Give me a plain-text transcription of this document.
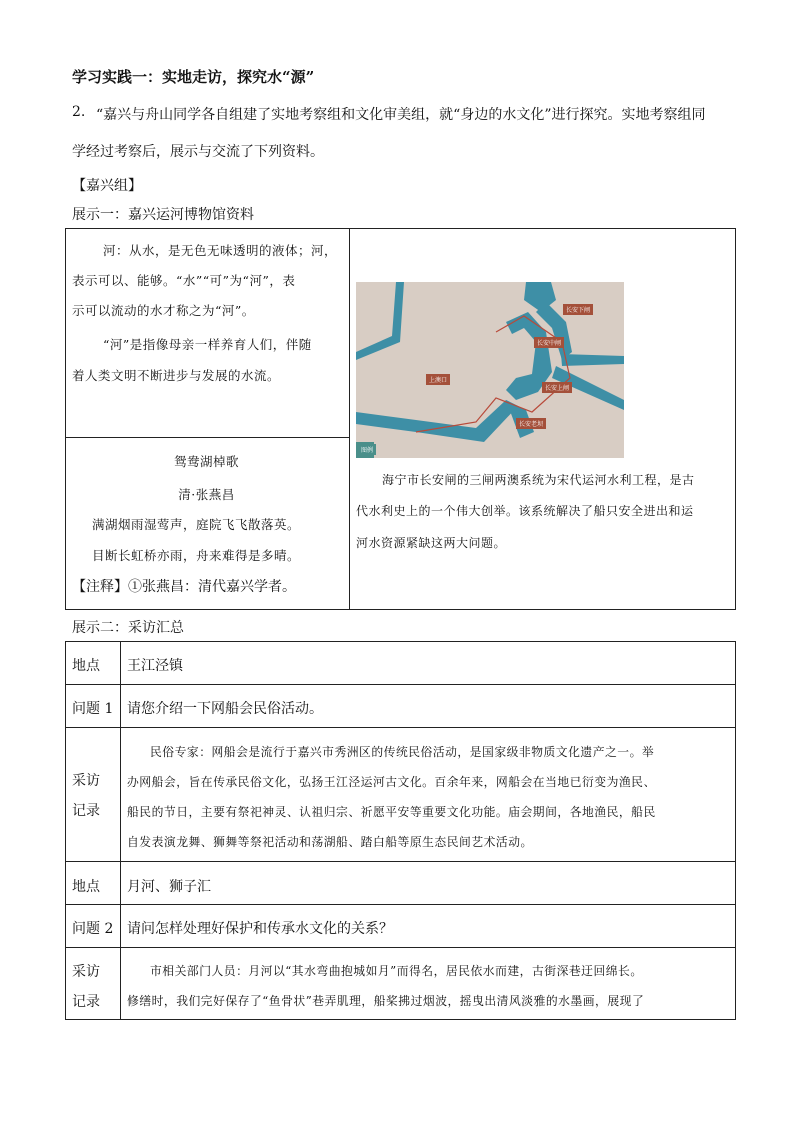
学习实践一：实地走访，探究水“源”
2. “嘉兴与舟山同学各自组建了实地考察组和文化审美组，就“身边的水文化”进行探究。实地考察组同
学经过考察后，展示与交流了下列资料。
【嘉兴组】
展示一：嘉兴运河博物馆资料

河：从水，是无色无味透明的液体；河，
表示可以、能够。“水”“可”为“河”，表
示可以流动的水才称之为“河”。
“河”是指像母亲一样养育人们，伴随
着人类文明不断进步与发展的水流。
鸳鸯湖棹歌
清·张燕昌
满湖烟雨湿莺声，庭院飞飞散落英。
目断长虹桥亦雨，舟来难得是多晴。
【注释】①张燕昌：清代嘉兴学者。
长安下闸
长安中闸
上澳口
长安上闸
长安老坝
图例
海宁市长安闸的三闸两澳系统为宋代运河水利工程，是古
代水利史上的一个伟大创举。该系统解决了船只安全进出和运
河水资源紧缺这两大问题。
展示二：采访汇总

地点 王江泾镇
问题 1 请您介绍一下网船会民俗活动。
采访
记录
民俗专家：网船会是流行于嘉兴市秀洲区的传统民俗活动，是国家级非物质文化遗产之一。举
办网船会，旨在传承民俗文化，弘扬王江泾运河古文化。百余年来，网船会在当地已衍变为渔民、
船民的节日，主要有祭祀神灵、认祖归宗、祈愿平安等重要文化功能。庙会期间，各地渔民，船民
自发表演龙舞、狮舞等祭祀活动和荡湖船、踏白船等原生态民间艺术活动。
地点 月河、狮子汇
问题 2 请问怎样处理好保护和传承水文化的关系？
采访
记录
市相关部门人员：月河以“其水弯曲抱城如月”而得名，居民依水而建，古街深巷迂回绵长。
修缮时，我们完好保存了“鱼骨状”巷弄肌理，船桨拂过烟波，摇曳出清风淡雅的水墨画，展现了
